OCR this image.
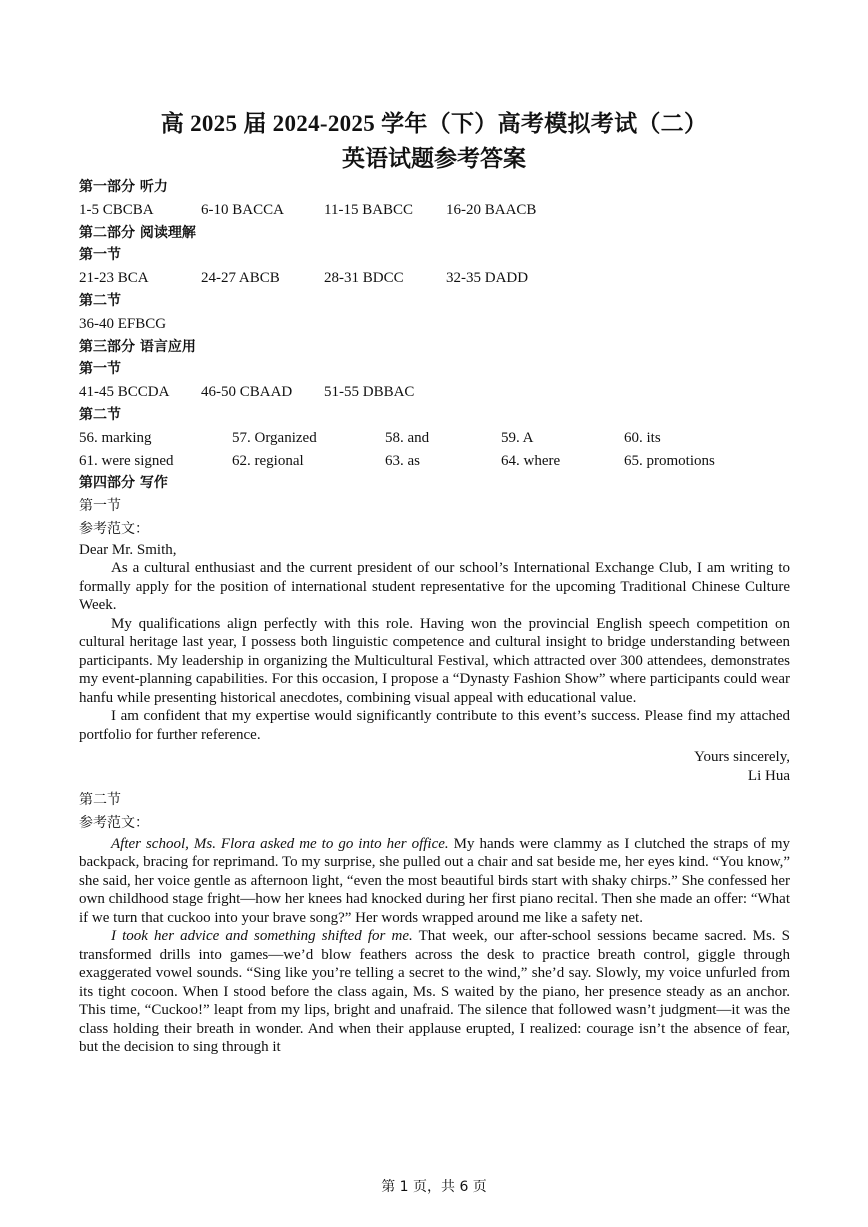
高 2025 届 2024-2025 学年（下）高考模拟考试（二）
英语试题参考答案
第一部分 听力
1-5 CBCBA	6-10 BACCA	11-15 BABCC 16-20 BAACB
第二部分 阅读理解
第一节
21-23 BCA	24-27 ABCB	28-31 BDCC	32-35 DADD
第二节
36-40 EFBCG
第三部分 语言应用
第一节
41-45 BCCDA 46-50 CBAAD 51-55 DBBAC
第二节
56. marking	57. Organized	58. and	59. A	60. its
61. were signed	62. regional	63. as	64. where	65. promotions
第四部分 写作
第一节
参考范文：

Dear Mr. Smith,

As a cultural enthusiast and the current president of our school’s International Exchange Club, I am writing to formally apply for the position of international student representative for the upcoming Traditional Chinese Culture Week.

My qualifications align perfectly with this role. Having won the provincial English speech competition on cultural heritage last year, I possess both linguistic competence and cultural insight to bridge understanding between participants. My leadership in organizing the Multicultural Festival, which attracted over 300 attendees, demonstrates my event-planning capabilities. For this occasion, I propose a “Dynasty Fashion Show” where participants could wear hanfu while presenting historical anecdotes, combining visual appeal with educational value.

I am confident that my expertise would significantly contribute to this event’s success. Please find my attached portfolio for further reference.

Yours sincerely,
Li Hua
第二节
参考范文：

After school, Ms. Flora asked me to go into her office. My hands were clammy as I clutched the straps of my backpack, bracing for reprimand. To my surprise, she pulled out a chair and sat beside me, her eyes kind. “You know,” she said, her voice gentle as afternoon light, “even the most beautiful birds start with shaky chirps.” She confessed her own childhood stage fright—how her knees had knocked during her first piano recital. Then she made an offer: “What if we turn that cuckoo into your brave song?” Her words wrapped around me like a safety net.

I took her advice and something shifted for me. That week, our after-school sessions became sacred. Ms. S transformed drills into games—we’d blow feathers across the desk to practice breath control, giggle through exaggerated vowel sounds. “Sing like you’re telling a secret to the wind,” she’d say. Slowly, my voice unfurled from its tight cocoon. When I stood before the class again, Ms. S waited by the piano, her presence steady as an anchor. This time, “Cuckoo!” leapt from my lips, bright and unafraid. The silence that followed wasn’t judgment—it was the class holding their breath in wonder. And when their applause erupted, I realized: courage isn’t the absence of fear, but the decision to sing through it

第 1 页，共 6 页
